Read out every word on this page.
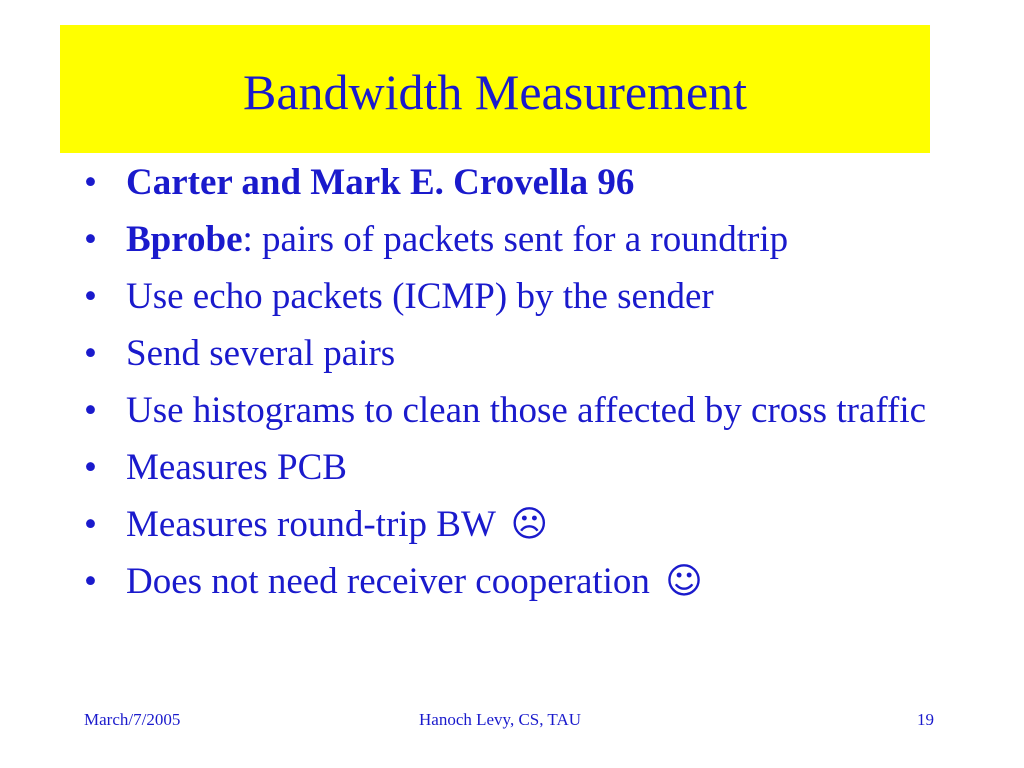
Bandwidth Measurement
• Carter and Mark E. Crovella 96
• Bprobe: pairs of packets sent for a roundtrip
• Use echo packets (ICMP) by the sender
• Send several pairs
• Use histograms to clean those affected by cross traffic
• Measures PCB
• Measures round-trip BW ☹
• Does not need receiver cooperation ☺
March/7/2005	Hanoch Levy, CS, TAU	19
